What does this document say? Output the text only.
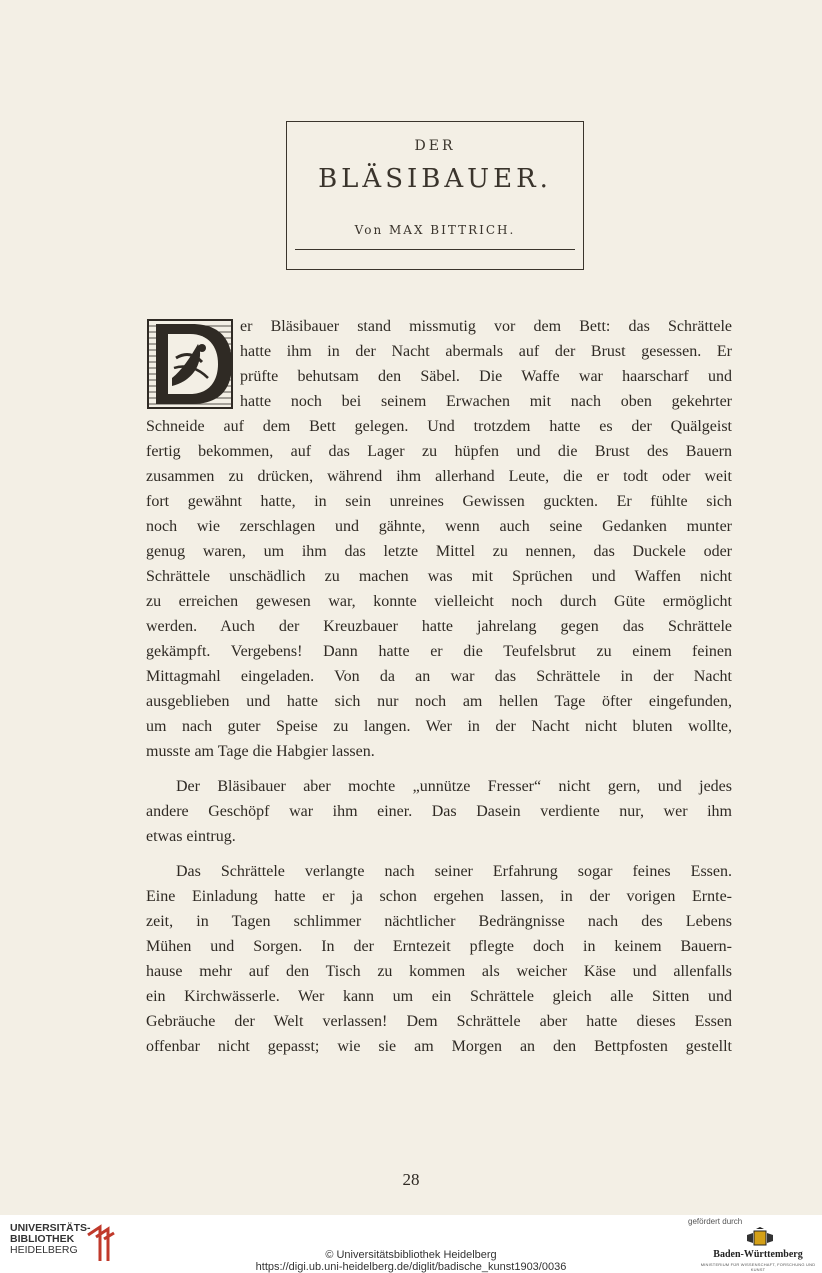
DER
BLÄSIBAUER.
Von MAX BITTRICH.
er Bläsibauer stand missmutig vor dem Bett: das Schrättele
hatte ihm in der Nacht abermals auf der Brust gesessen. Er
prüfte behutsam den Säbel. Die Waffe war haarscharf und
hatte noch bei seinem Erwachen mit nach oben gekehrter
Schneide auf dem Bett gelegen. Und trotzdem hatte es der Quälgeist
fertig bekommen, auf das Lager zu hüpfen und die Brust des Bauern
zusammen zu drücken, während ihm allerhand Leute, die er todt oder weit
fort gewähnt hatte, in sein unreines Gewissen guckten. Er fühlte sich
noch wie zerschlagen und gähnte, wenn auch seine Gedanken munter
genug waren, um ihm das letzte Mittel zu nennen, das Duckele oder
Schrättele unschädlich zu machen was mit Sprüchen und Waffen nicht
zu erreichen gewesen war, konnte vielleicht noch durch Güte ermöglicht
werden. Auch der Kreuzbauer hatte jahrelang gegen das Schrättele
gekämpft. Vergebens! Dann hatte er die Teufelsbrut zu einem feinen
Mittagmahl eingeladen. Von da an war das Schrättele in der Nacht
ausgeblieben und hatte sich nur noch am hellen Tage öfter eingefunden,
um nach guter Speise zu langen. Wer in der Nacht nicht bluten wollte,
musste am Tage die Habgier lassen.
Der Bläsibauer aber mochte „unnütze Fresser“ nicht gern, und jedes
andere Geschöpf war ihm einer. Das Dasein verdiente nur, wer ihm
etwas eintrug.
Das Schrättele verlangte nach seiner Erfahrung sogar feines Essen.
Eine Einladung hatte er ja schon ergehen lassen, in der vorigen Ernte-
zeit, in Tagen schlimmer nächtlicher Bedrängnisse nach des Lebens
Mühen und Sorgen. In der Erntezeit pflegte doch in keinem Bauern-
hause mehr auf den Tisch zu kommen als weicher Käse und allenfalls
ein Kirchwässerle. Wer kann um ein Schrättele gleich alle Sitten und
Gebräuche der Welt verlassen! Dem Schrättele aber hatte dieses Essen
offenbar nicht gepasst; wie sie am Morgen an den Bettpfosten gestellt
28
UNIVERSITÄTS-
BIBLIOTHEK
HEIDELBERG	© Universitätsbibliothek Heidelberg
https://digi.ub.uni-heidelberg.de/diglit/badische_kunst1903/0036
gefördert durch
Baden-Württemberg
MINISTERIUM FÜR WISSENSCHAFT, FORSCHUNG UND KUNST
